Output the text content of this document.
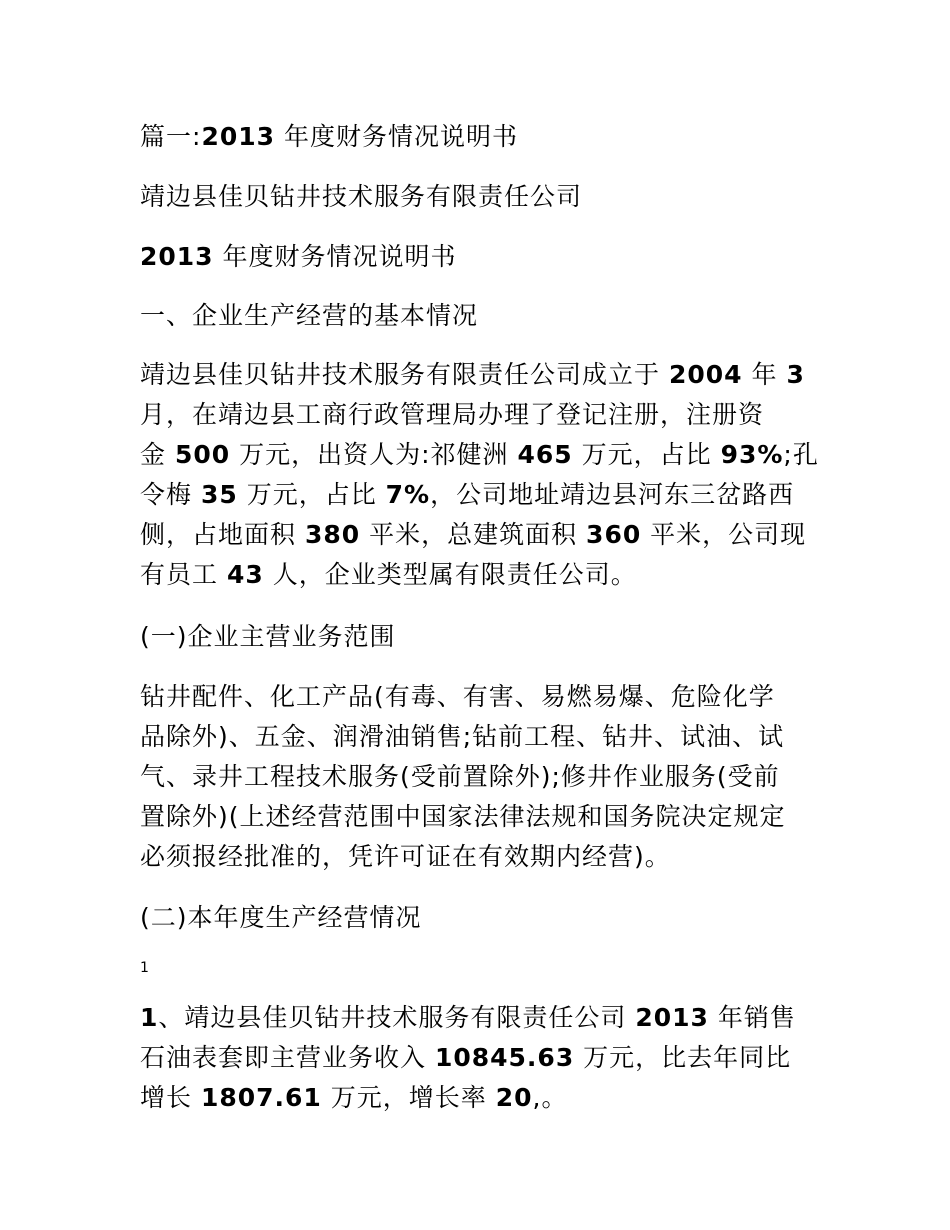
篇一:2013 年度财务情况说明书
靖边县佳贝钻井技术服务有限责任公司
2013 年度财务情况说明书
一、企业生产经营的基本情况
靖边县佳贝钻井技术服务有限责任公司成立于 2004 年 3
月，在靖边县工商行政管理局办理了登记注册，注册资
金 500 万元，出资人为:祁健洲 465 万元，占比 93%;孔
令梅 35 万元，占比 7%，公司地址靖边县河东三岔路西
侧，占地面积 380 平米，总建筑面积 360 平米，公司现
有员工 43 人，企业类型属有限责任公司。
(一)企业主营业务范围
钻井配件、化工产品(有毒、有害、易燃易爆、危险化学
品除外)、五金、润滑油销售;钻前工程、钻井、试油、试
气、录井工程技术服务(受前置除外);修井作业服务(受前
置除外)(上述经营范围中国家法律法规和国务院决定规定
必须报经批准的，凭许可证在有效期内经营)。
(二)本年度生产经营情况
1
1、靖边县佳贝钻井技术服务有限责任公司 2013 年销售
石油表套即主营业务收入 10845.63 万元，比去年同比
增长 1807.61 万元，增长率 20,。
